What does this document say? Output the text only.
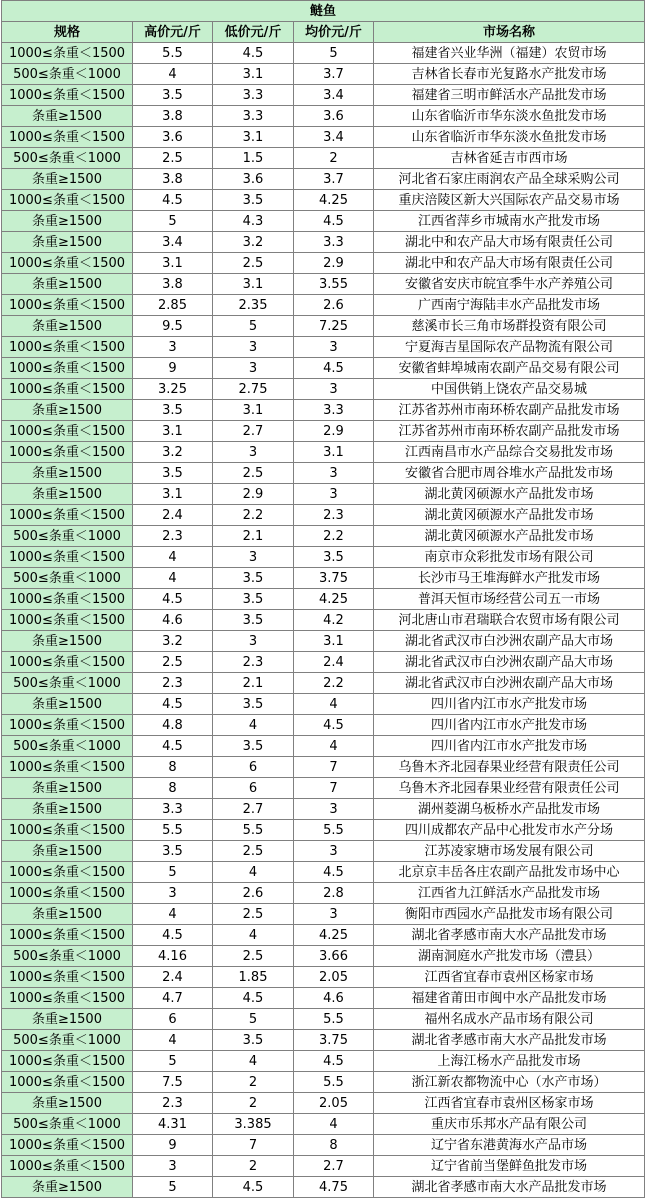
鲢鱼				
规格	高价元/斤	低价元/斤	均价元/斤	市场名称
1000≤条重＜1500	5.5	4.5	5	福建省兴业华洲（福建）农贸市场
500≤条重＜1000	4	3.1	3.7	吉林省长春市光复路水产批发市场
1000≤条重＜1500	3.5	3.3	3.4	福建省三明市鲜活水产品批发市场
条重≥1500	3.8	3.3	3.6	山东省临沂市华东淡水鱼批发市场
1000≤条重＜1500	3.6	3.1	3.4	山东省临沂市华东淡水鱼批发市场
500≤条重＜1000	2.5	1.5	2	吉林省延吉市西市场
条重≥1500	3.8	3.6	3.7	河北省石家庄雨润农产品全球采购公司
1000≤条重＜1500	4.5	3.5	4.25	重庆涪陵区新大兴国际农产品交易市场
条重≥1500	5	4.3	4.5	江西省萍乡市城南水产批发市场
条重≥1500	3.4	3.2	3.3	湖北中和农产品大市场有限责任公司
1000≤条重＜1500	3.1	2.5	2.9	湖北中和农产品大市场有限责任公司
条重≥1500	3.8	3.1	3.55	安徽省安庆市皖宜季牛水产养殖公司
1000≤条重＜1500	2.85	2.35	2.6	广西南宁海陆丰水产品批发市场
条重≥1500	9.5	5	7.25	慈溪市长三角市场群投资有限公司
1000≤条重＜1500	3	3	3	宁夏海吉星国际农产品物流有限公司
1000≤条重＜1500	9	3	4.5	安徽省蚌埠城南农副产品交易有限公司
1000≤条重＜1500	3.25	2.75	3	中国供销上饶农产品交易城
条重≥1500	3.5	3.1	3.3	江苏省苏州市南环桥农副产品批发市场
1000≤条重＜1500	3.1	2.7	2.9	江苏省苏州市南环桥农副产品批发市场
1000≤条重＜1500	3.2	3	3.1	江西南昌市水产品综合交易批发市场
条重≥1500	3.5	2.5	3	安徽省合肥市周谷堆水产品批发市场
条重≥1500	3.1	2.9	3	湖北黄冈硕源水产品批发市场
1000≤条重＜1500	2.4	2.2	2.3	湖北黄冈硕源水产品批发市场
500≤条重＜1000	2.3	2.1	2.2	湖北黄冈硕源水产品批发市场
1000≤条重＜1500	4	3	3.5	南京市众彩批发市场有限公司
500≤条重＜1000	4	3.5	3.75	长沙市马王堆海鲜水产批发市场
1000≤条重＜1500	4.5	3.5	4.25	普洱天恒市场经营公司五一市场
1000≤条重＜1500	4.6	3.5	4.2	河北唐山市君瑞联合农贸市场有限公司
条重≥1500	3.2	3	3.1	湖北省武汉市白沙洲农副产品大市场
1000≤条重＜1500	2.5	2.3	2.4	湖北省武汉市白沙洲农副产品大市场
500≤条重＜1000	2.3	2.1	2.2	湖北省武汉市白沙洲农副产品大市场
条重≥1500	4.5	3.5	4	四川省内江市水产批发市场
1000≤条重＜1500	4.8	4	4.5	四川省内江市水产批发市场
500≤条重＜1000	4.5	3.5	4	四川省内江市水产批发市场
1000≤条重＜1500	8	6	7	乌鲁木齐北园春果业经营有限责任公司
条重≥1500	8	6	7	乌鲁木齐北园春果业经营有限责任公司
条重≥1500	3.3	2.7	3	湖州菱湖乌板桥水产品批发市场
1000≤条重＜1500	5.5	5.5	5.5	四川成都农产品中心批发市水产分场
条重≥1500	3.5	2.5	3	江苏凌家塘市场发展有限公司
1000≤条重＜1500	5	4	4.5	北京京丰岳各庄农副产品批发市场中心
1000≤条重＜1500	3	2.6	2.8	江西省九江鲜活水产品批发市场
条重≥1500	4	2.5	3	衡阳市西园水产品批发市场有限公司
1000≤条重＜1500	4.5	4	4.25	湖北省孝感市南大水产品批发市场
500≤条重＜1000	4.16	2.5	3.66	湖南洞庭水产批发市场（澧县）
1000≤条重＜1500	2.4	1.85	2.05	江西省宜春市袁州区杨家市场
1000≤条重＜1500	4.7	4.5	4.6	福建省莆田市闽中水产品批发市场
条重≥1500	6	5	5.5	福州名成水产品市场有限公司
500≤条重＜1000	4	3.5	3.75	湖北省孝感市南大水产品批发市场
1000≤条重＜1500	5	4	4.5	上海江杨水产品批发市场
1000≤条重＜1500	7.5	2	5.5	浙江新农都物流中心（水产市场）
条重≥1500	2.3	2	2.05	江西省宜春市袁州区杨家市场
500≤条重＜1000	4.31	3.385	4	重庆市乐邦水产品有限公司
1000≤条重＜1500	9	7	8	辽宁省东港黄海水产品市场
1000≤条重＜1500	3	2	2.7	辽宁省前当堡鲜鱼批发市场
条重≥1500	5	4.5	4.75	湖北省孝感市南大水产品批发市场
